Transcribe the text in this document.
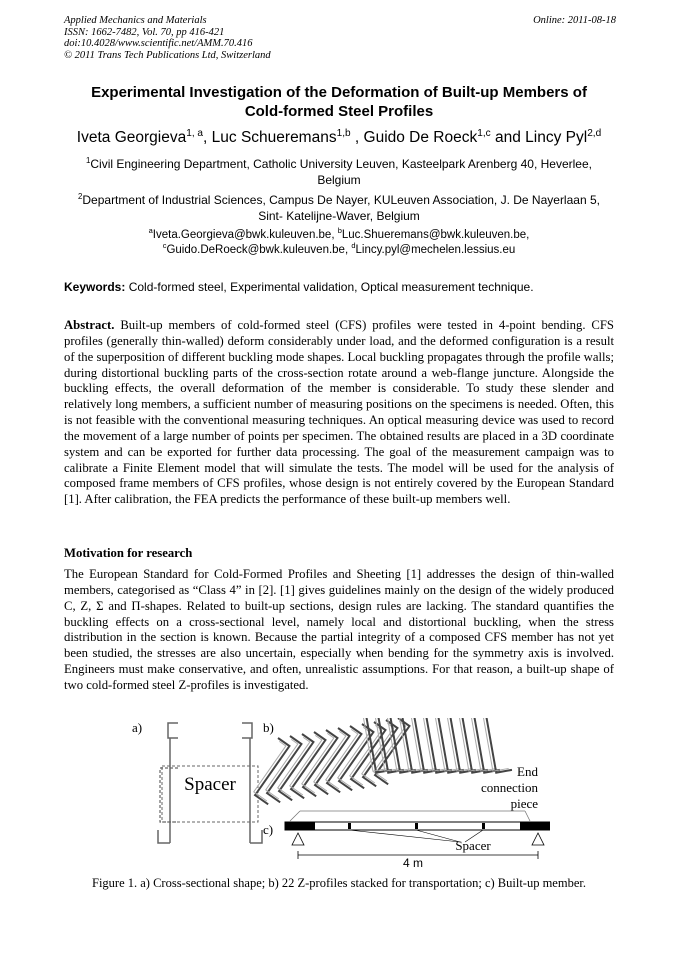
Applied Mechanics and Materials
ISSN: 1662-7482, Vol. 70, pp 416-421
doi:10.4028/www.scientific.net/AMM.70.416
© 2011 Trans Tech Publications Ltd, Switzerland
Online: 2011-08-18
Experimental Investigation of the Deformation of Built-up Members of
Cold-formed Steel Profiles
Iveta Georgieva$^{1, a}$, Luc Schueremans$^{1,b}$ , Guido De Roeck$^{1,c}$ and Lincy Pyl$^{2,d}$
$^1$Civil Engineering Department, Catholic University Leuven, Kasteelpark Arenberg 40, Heverlee,
Belgium
$^2$Department of Industrial Sciences, Campus De Nayer, KULeuven Association, J. De Nayerlaan 5,
Sint- Katelijne-Waver, Belgium
$^a$Iveta.Georgieva@bwk.kuleuven.be, $^b$Luc.Shueremans@bwk.kuleuven.be,
$^c$Guido.DeRoeck@bwk.kuleuven.be, $^d$Lincy.pyl@mechelen.lessius.eu
Keywords: Cold-formed steel, Experimental validation, Optical measurement technique.

Abstract. Built-up members of cold-formed steel (CFS) profiles were tested in 4-point bending. CFS profiles (generally thin-walled) deform considerably under load, and the deformed configuration is a result of the superposition of different buckling mode shapes. Local buckling propagates through the profile walls; during distortional buckling parts of the cross-section rotate around a web-flange juncture. Alongside the buckling effects, the overall deformation of the member is considerable. To study these slender and relatively long members, a sufficient number of measuring positions on the specimens is needed. Often, this is not feasible with the conventional measuring techniques. An optical measuring device was used to record the movement of a large number of points per specimen. The obtained results are placed in a 3D coordinate system and can be exported for further data processing. The goal of the measurement campaign was to calibrate a Finite Element model that will simulate the tests. The model will be used for the analysis of composed frame members of CFS profiles, whose design is not entirely covered by the European Standard [1]. After calibration, the FEA predicts the performance of these built-up members well.

Motivation for research

The European Standard for Cold-Formed Profiles and Sheeting [1] addresses the design of thin-walled members, categorised as “Class 4” in [2]. [1] gives guidelines mainly on the design of the widely produced C, Z, Σ and Π-shapes. Related to built-up sections, design rules are lacking. The standard quantifies the buckling effects on a cross-sectional level, namely local and distortional buckling, when the stress distribution in the section is known. Because the partial integrity of a composed CFS member has not yet been studied, the stresses are also uncertain, especially when bending for the symmetry axis is involved. Engineers must make conservative, and often, unrealistic assumptions. For that reason, a built-up shape of two cold-formed steel Z-profiles is investigated.

a)	b)
c)
Spacer
End
connection
piece
Spacer
4 m
Figure 1. a) Cross-sectional shape; b) 22 Z-profiles stacked for transportation; c) Built-up member.
